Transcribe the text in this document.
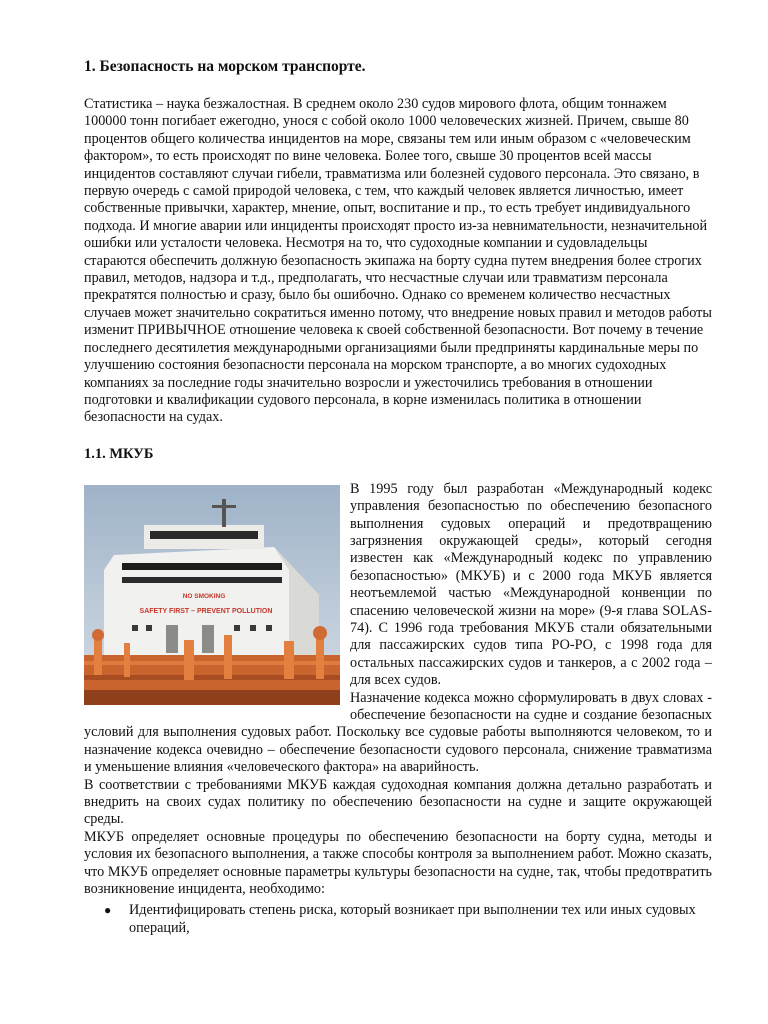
1. Безопасность на морском транспорте.

Статистика – наука безжалостная. В среднем около 230 судов мирового флота, общим тоннажем 100000 тонн погибает ежегодно, унося с собой около 1000 человеческих жизней. Причем, свыше 80 процентов общего количества инцидентов на море, связаны тем или иным образом с «человеческим фактором», то есть происходят по вине человека. Более того, свыше 30 процентов всей массы инцидентов составляют случаи гибели, травматизма или болезней судового персонала. Это связано, в первую очередь с самой природой человека, с тем, что каждый человек является личностью, имеет собственные привычки, характер, мнение, опыт, воспитание и пр., то есть требует индивидуального подхода. И многие аварии или инциденты происходят просто из-за невнимательности, незначительной ошибки или усталости человека. Несмотря на то, что судоходные компании и судовладельцы стараются обеспечить должную безопасность экипажа на борту судна путем внедрения более строгих правил, методов, надзора и т.д., предполагать, что несчастные случаи или травматизм персонала прекратятся полностью и сразу, было бы ошибочно. Однако со временем количество несчастных случаев может значительно сократиться именно потому, что внедрение новых правил и методов работы изменит ПРИВЫЧНОЕ отношение человека к своей собственной безопасности. Вот почему в течение последнего десятилетия международными организациями были предприняты кардинальные меры по улучшению состояния безопасности персонала на морском транспорте, а во многих судоходных компаниях за последние годы значительно возросли и ужесточились требования в отношении подготовки и квалификации судового персонала, в корне изменилась политика в отношении безопасности на судах.

1.1. МКУБ

NO SMOKING
SAFETY FIRST – PREVENT POLLUTION
В 1995 году был разработан «Международный кодекс управления безопасностью по обеспечению безопасного выполнения судовых операций и предотвращению загрязнения окружающей среды», который сегодня известен как «Международный кодекс по управлению безопасностью» (МКУБ) и с 2000 года МКУБ является неотъемлемой частью «Международной конвенции по спасению человеческой жизни на море» (9-я глава SOLAS-74). С 1996 года требования МКУБ стали обязательными для пассажирских судов типа РО-РО, с 1998 года для остальных пассажирских судов и танкеров, а с 2002 года – для всех судов.
Назначение кодекса можно сформулировать в двух словах - обеспечение безопасности на судне и создание безопасных условий для выполнения судовых работ. Поскольку все судовые работы выполняются человеком, то и назначение кодекса очевидно – обеспечение безопасности судового персонала, снижение травматизма и уменьшение влияния «человеческого фактора» на аварийность.
В соответствии с требованиями МКУБ каждая судоходная компания должна детально разработать и внедрить на своих судах политику по обеспечению безопасности на судне и защите окружающей среды.

МКУБ определяет основные процедуры по обеспечению безопасности на борту судна, методы и условия их безопасного выполнения, а также способы контроля за выполнением работ. Можно сказать, что МКУБ определяет основные параметры культуры безопасности на судне, так, чтобы предотвратить возникновение инцидента, необходимо:

● Идентифицировать степень риска, который возникает при выполнении тех или иных судовых операций,
